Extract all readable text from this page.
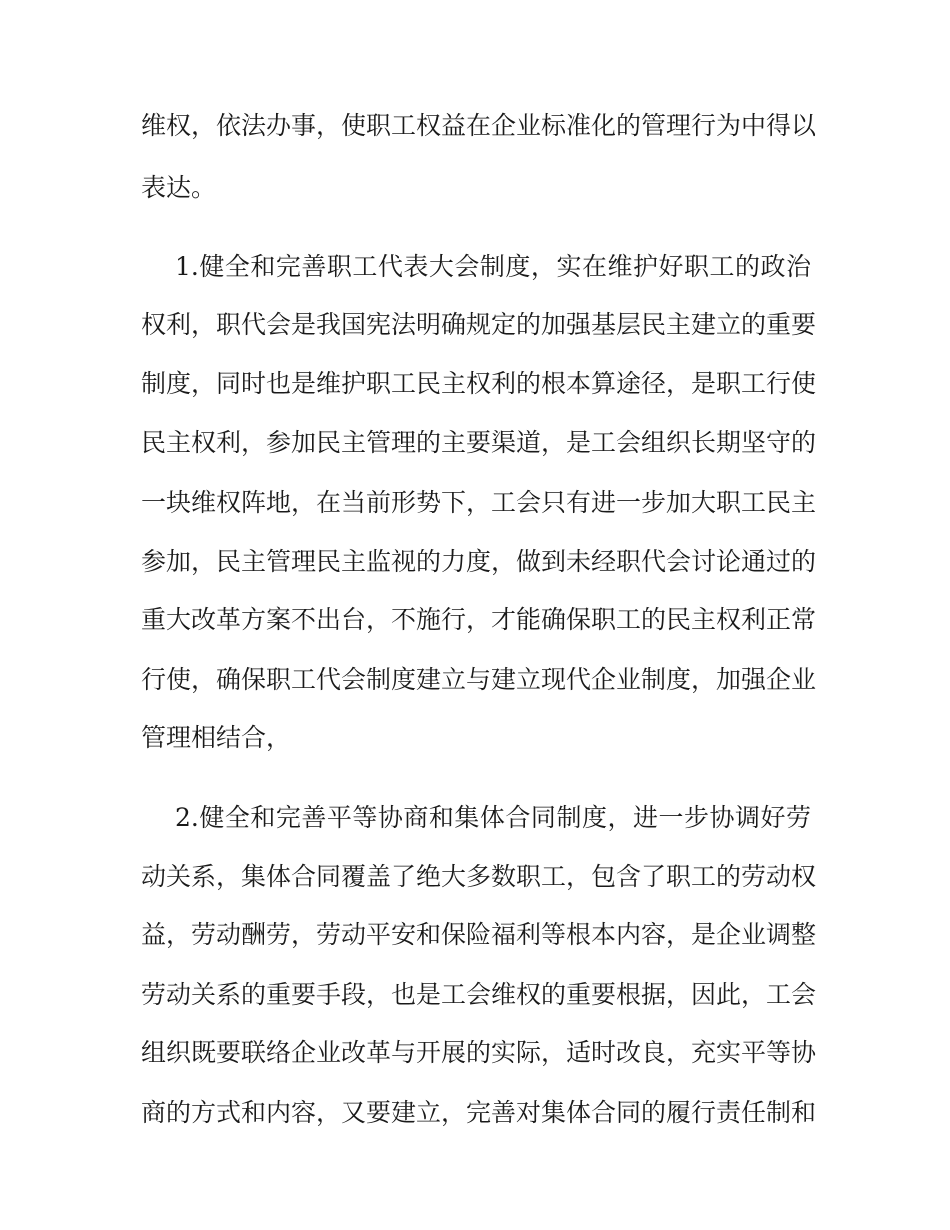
维权，依法办事，使职工权益在企业标准化的管理行为中得以
表达。
1.健全和完善职工代表大会制度，实在维护好职工的政治
权利，职代会是我国宪法明确规定的加强基层民主建立的重要
制度，同时也是维护职工民主权利的根本算途径，是职工行使
民主权利，参加民主管理的主要渠道，是工会组织长期坚守的
一块维权阵地，在当前形势下，工会只有进一步加大职工民主
参加，民主管理民主监视的力度，做到未经职代会讨论通过的
重大改革方案不出台，不施行，才能确保职工的民主权利正常
行使，确保职工代会制度建立与建立现代企业制度，加强企业
管理相结合，
2.健全和完善平等协商和集体合同制度，进一步协调好劳
动关系，集体合同覆盖了绝大多数职工，包含了职工的劳动权
益，劳动酬劳，劳动平安和保险福利等根本内容，是企业调整
劳动关系的重要手段，也是工会维权的重要根据，因此，工会
组织既要联络企业改革与开展的实际，适时改良，充实平等协
商的方式和内容，又要建立，完善对集体合同的履行责任制和
